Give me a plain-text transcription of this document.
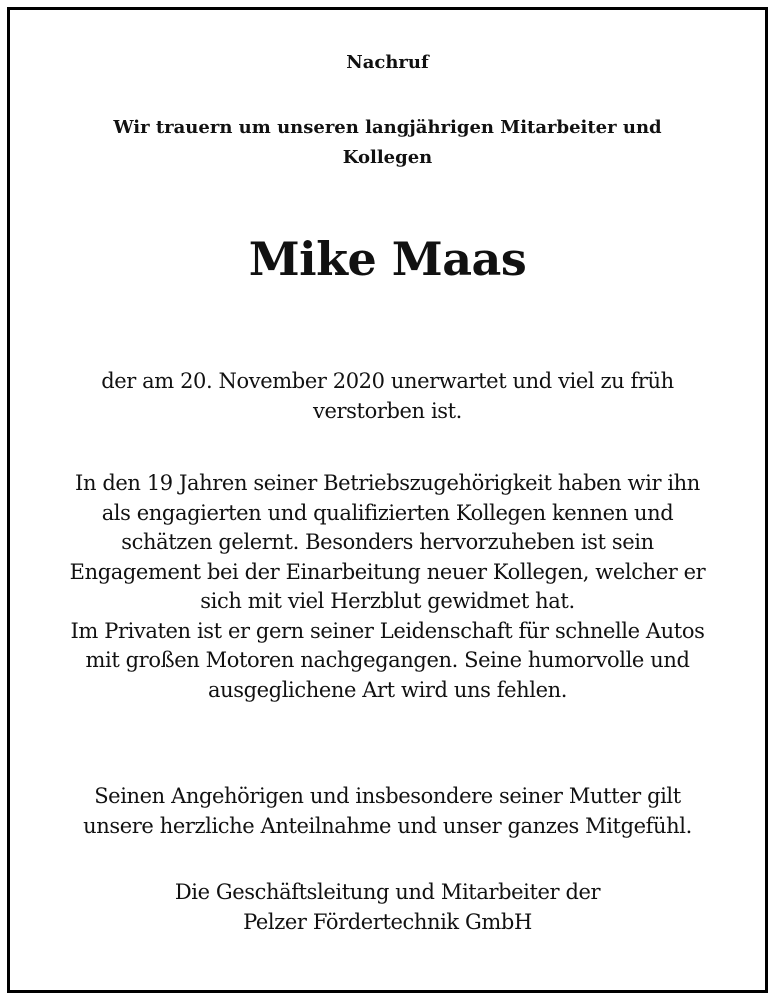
Nachruf

Wir trauern um unseren langjährigen Mitarbeiter und
Kollegen

Mike Maas

der am 20. November 2020 unerwartet und viel zu früh
verstorben ist.

In den 19 Jahren seiner Betriebszugehörigkeit haben wir ihn
als engagierten und qualifizierten Kollegen kennen und
schätzen gelernt. Besonders hervorzuheben ist sein
Engagement bei der Einarbeitung neuer Kollegen, welcher er
sich mit viel Herzblut gewidmet hat.
Im Privaten ist er gern seiner Leidenschaft für schnelle Autos
mit großen Motoren nachgegangen. Seine humorvolle und
ausgeglichene Art wird uns fehlen.

Seinen Angehörigen und insbesondere seiner Mutter gilt
unsere herzliche Anteilnahme und unser ganzes Mitgefühl.

Die Geschäftsleitung und Mitarbeiter der
Pelzer Fördertechnik GmbH
